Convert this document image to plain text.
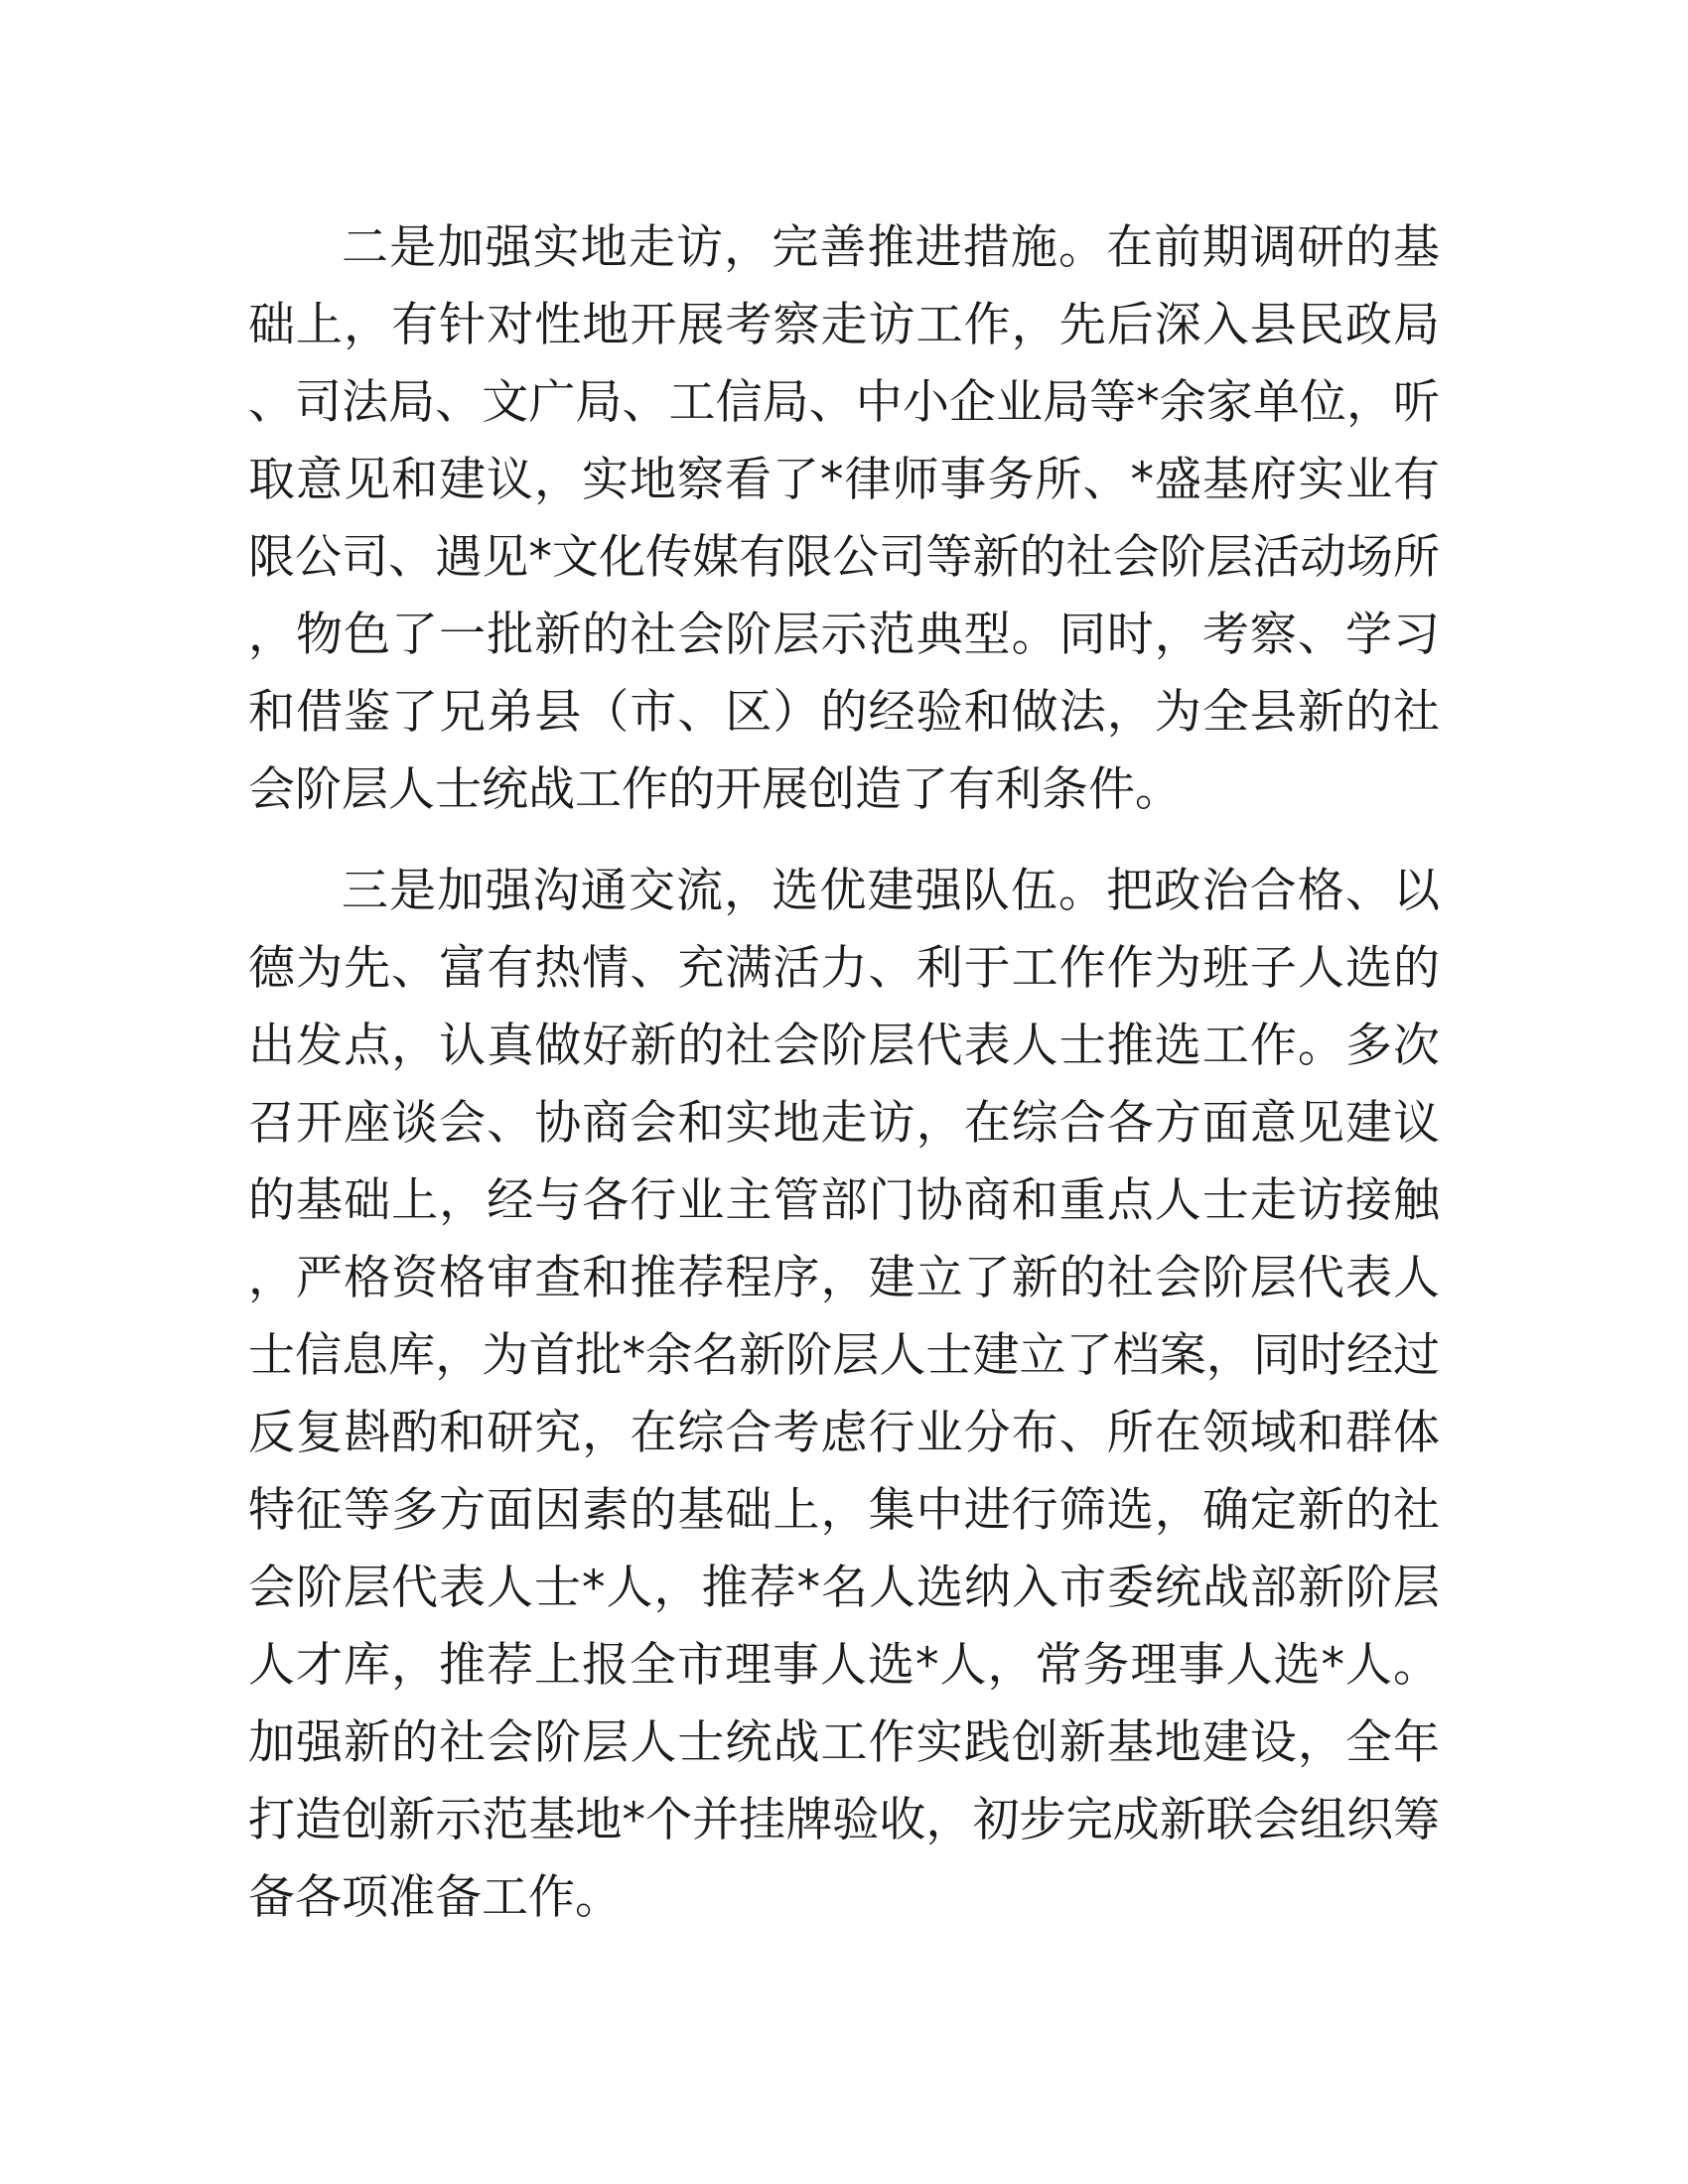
二是加强实地走访，完善推进措施。在前期调研的基础上，有针对性地开展考察走访工作，先后深入县民政局、司法局、文广局、工信局、中小企业局等*余家单位，听取意见和建议，实地察看了*律师事务所、*盛基府实业有限公司、遇见*文化传媒有限公司等新的社会阶层活动场所，物色了一批新的社会阶层示范典型。同时，考察、学习和借鉴了兄弟县（市、区）的经验和做法，为全县新的社会阶层人士统战工作的开展创造了有利条件。

三是加强沟通交流，选优建强队伍。把政治合格、以德为先、富有热情、充满活力、利于工作作为班子人选的出发点，认真做好新的社会阶层代表人士推选工作。多次召开座谈会、协商会和实地走访，在综合各方面意见建议的基础上，经与各行业主管部门协商和重点人士走访接触，严格资格审查和推荐程序，建立了新的社会阶层代表人士信息库，为首批*余名新阶层人士建立了档案，同时经过反复斟酌和研究，在综合考虑行业分布、所在领域和群体特征等多方面因素的基础上，集中进行筛选，确定新的社会阶层代表人士*人，推荐*名人选纳入市委统战部新阶层人才库，推荐上报全市理事人选*人，常务理事人选*人。加强新的社会阶层人士统战工作实践创新基地建设，全年打造创新示范基地*个并挂牌验收，初步完成新联会组织筹备各项准备工作。
